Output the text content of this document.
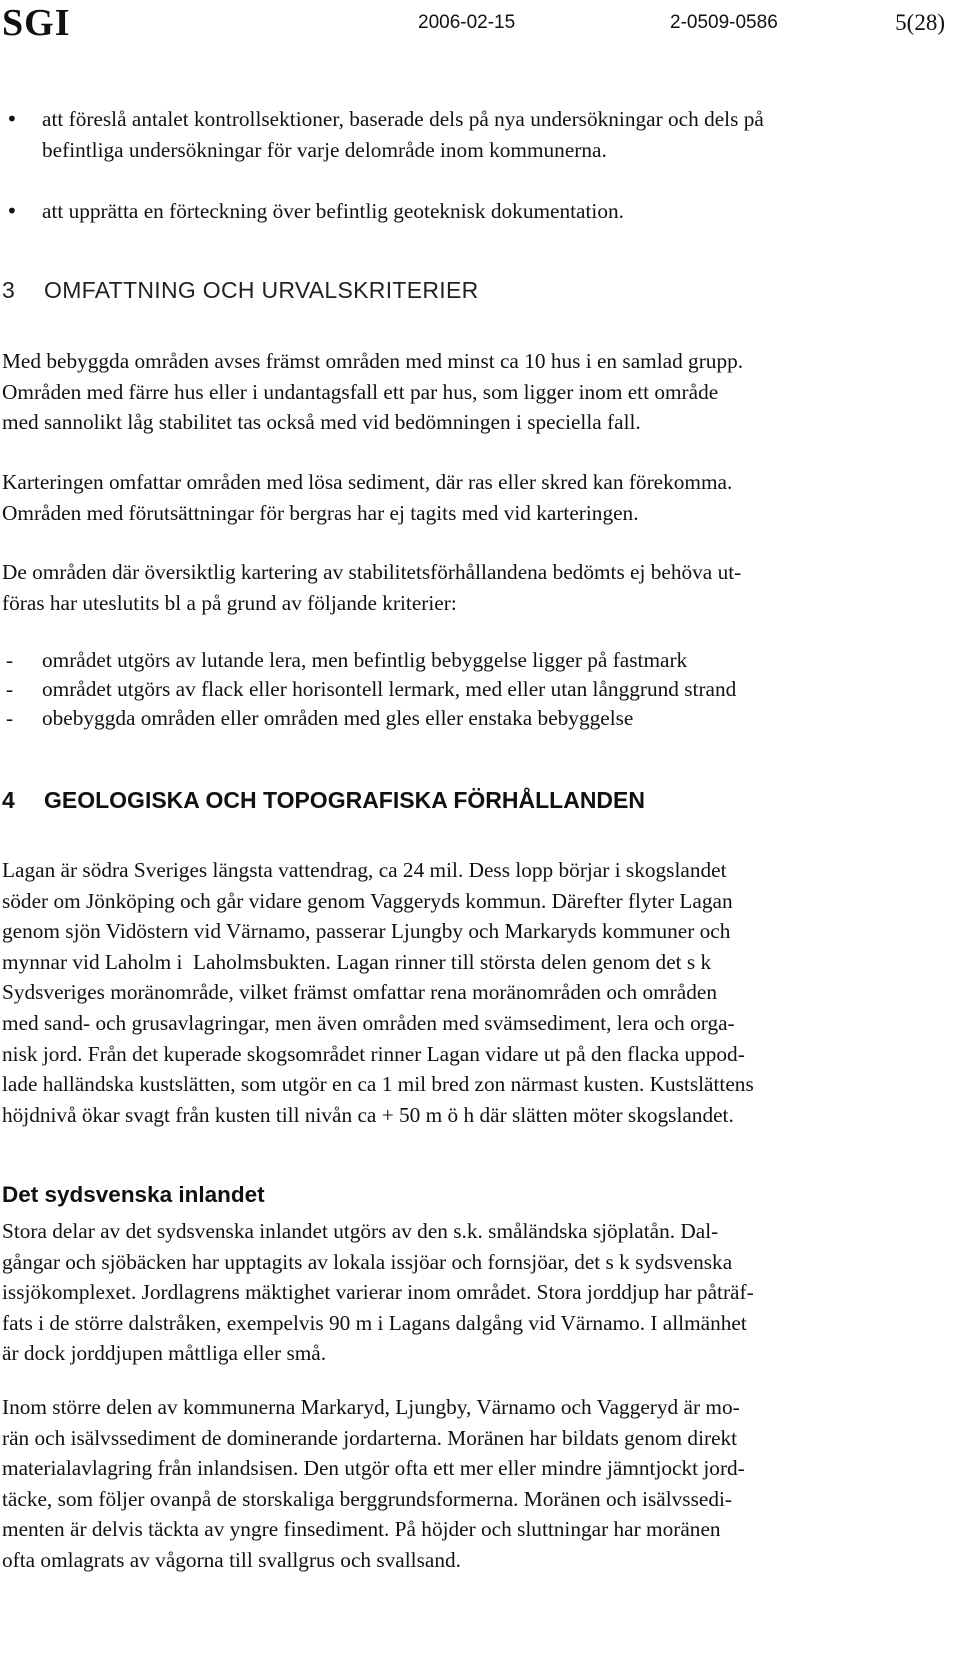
SGI	2006-02-15	2-0509-0586	5(28)
• att föreslå antalet kontrollsektioner, baserade dels på nya undersökningar och dels på
befintliga undersökningar för varje delområde inom kommunerna.
• att upprätta en förteckning över befintlig geoteknisk dokumentation.
3 OMFATTNING OCH URVALSKRITERIER

Med bebyggda områden avses främst områden med minst ca 10 hus i en samlad grupp.
Områden med färre hus eller i undantagsfall ett par hus, som ligger inom ett område
med sannolikt låg stabilitet tas också med vid bedömningen i speciella fall.

Karteringen omfattar områden med lösa sediment, där ras eller skred kan förekomma.
Områden med förutsättningar för bergras har ej tagits med vid karteringen.

De områden där översiktlig kartering av stabilitetsförhållandena bedömts ej behöva ut-
föras har uteslutits bl a på grund av följande kriterier:

- området utgörs av lutande lera, men befintlig bebyggelse ligger på fastmark
- området utgörs av flack eller horisontell lermark, med eller utan långgrund strand
- obebyggda områden eller områden med gles eller enstaka bebyggelse
4 GEOLOGISKA OCH TOPOGRAFISKA FÖRHÅLLANDEN

Lagan är södra Sveriges längsta vattendrag, ca 24 mil. Dess lopp börjar i skogslandet
söder om Jönköping och går vidare genom Vaggeryds kommun. Därefter flyter Lagan
genom sjön Vidöstern vid Värnamo, passerar Ljungby och Markaryds kommuner och
mynnar vid Laholm i  Laholmsbukten. Lagan rinner till största delen genom det s k
Sydsveriges moränområde, vilket främst omfattar rena moränområden och områden
med sand- och grusavlagringar, men även områden med svämsediment, lera och orga-
nisk jord. Från det kuperade skogsområdet rinner Lagan vidare ut på den flacka uppod-
lade halländska kustslätten, som utgör en ca 1 mil bred zon närmast kusten. Kustslättens
höjdnivå ökar svagt från kusten till nivån ca + 50 m ö h där slätten möter skogslandet.

Det sydsvenska inlandet

Stora delar av det sydsvenska inlandet utgörs av den s.k. småländska sjöplatån. Dal-
gångar och sjöbäcken har upptagits av lokala issjöar och fornsjöar, det s k sydsvenska
issjökomplexet. Jordlagrens mäktighet varierar inom området. Stora jorddjup har påträf-
fats i de större dalstråken, exempelvis 90 m i Lagans dalgång vid Värnamo. I allmänhet
är dock jorddjupen måttliga eller små.

Inom större delen av kommunerna Markaryd, Ljungby, Värnamo och Vaggeryd är mo-
rän och isälvssediment de dominerande jordarterna. Moränen har bildats genom direkt
materialavlagring från inlandsisen. Den utgör ofta ett mer eller mindre jämntjockt jord-
täcke, som följer ovanpå de storskaliga berggrundsformerna. Moränen och isälvssedi-
menten är delvis täckta av yngre finsediment. På höjder och sluttningar har moränen
ofta omlagrats av vågorna till svallgrus och svallsand.
